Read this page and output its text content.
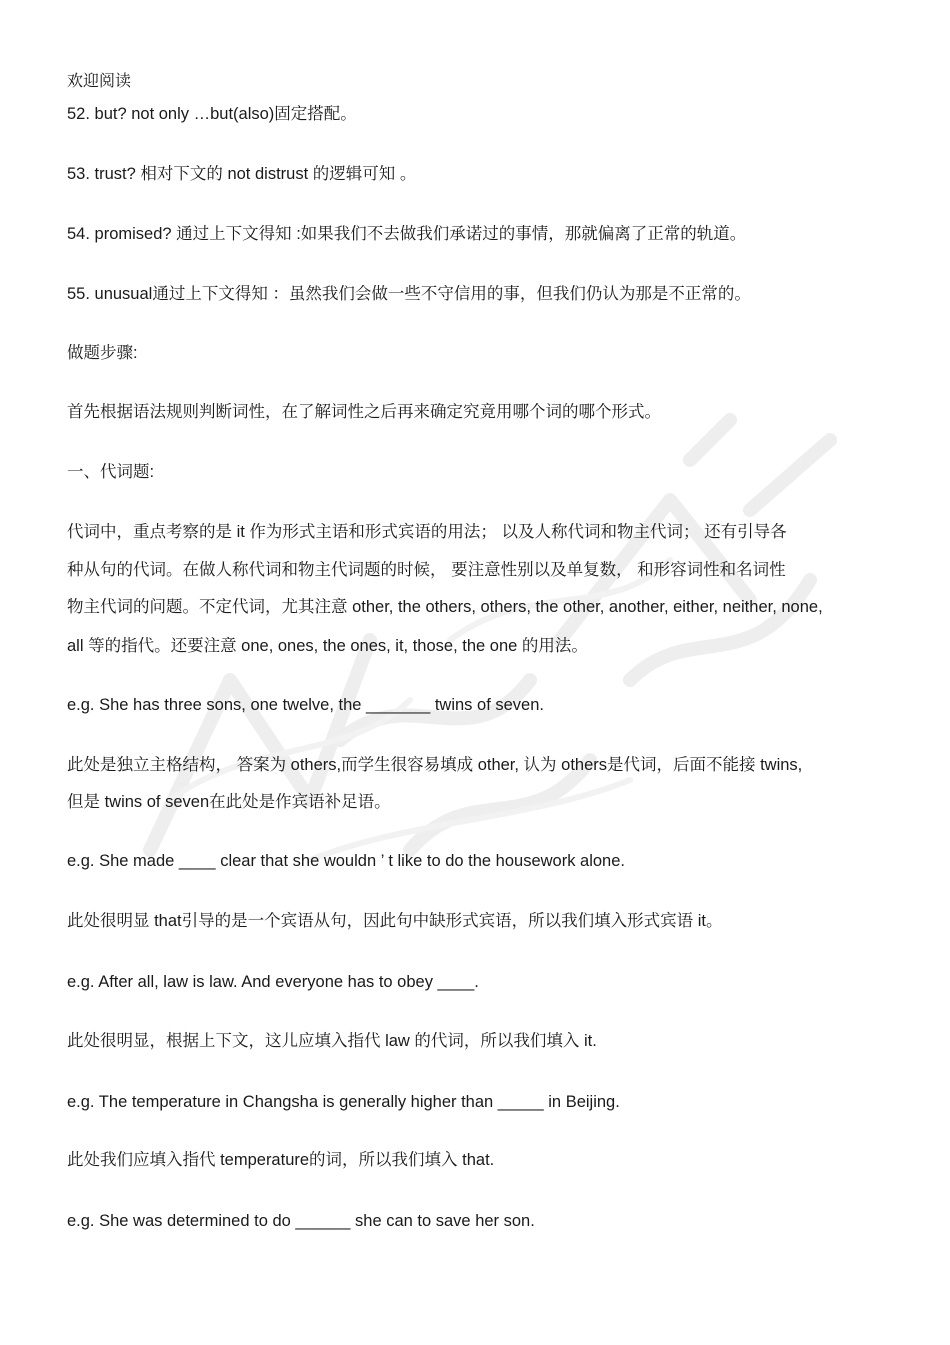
欢迎阅读
52. but? not only …but(also)固定搭配。
53. trust? 相对下文的 not distrust 的逻辑可知 。
54. promised? 通过上下文得知 :如果我们不去做我们承诺过的事情，那就偏离了正常的轨道。
55. unusual通过上下文得知 ：虽然我们会做一些不守信用的事，但我们仍认为那是不正常的。
做题步骤:
首先根据语法规则判断词性，在了解词性之后再来确定究竟用哪个词的哪个形式。
一、代词题:
代词中，重点考察的是 it 作为形式主语和形式宾语的用法； 以及人称代词和物主代词； 还有引导各
种从句的代词。在做人称代词和物主代词题的时候， 要注意性别以及单复数， 和形容词性和名词性
物主代词的问题。不定代词，尤其注意 other, the others, others, the other, another, either, neither, none,
all 等的指代。还要注意 one, ones, the ones, it, those, the one 的用法。
e.g. She has three sons, one twelve, the _______ twins of seven.
此处是独立主格结构， 答案为 others,而学生很容易填成 other, 认为 others是代词，后面不能接 twins,
但是 twins of seven在此处是作宾语补足语。
e.g. She made ____ clear that she wouldn ’ t like to do the housework alone.
此处很明显 that引导的是一个宾语从句，因此句中缺形式宾语，所以我们填入形式宾语 it。
e.g. After all, law is law. And everyone has to obey ____.
此处很明显，根据上下文，这儿应填入指代 law 的代词，所以我们填入 it.
e.g. The temperature in Changsha is generally higher than _____ in Beijing.
此处我们应填入指代 temperature的词，所以我们填入 that.
e.g. She was determined to do ______ she can to save her son.
